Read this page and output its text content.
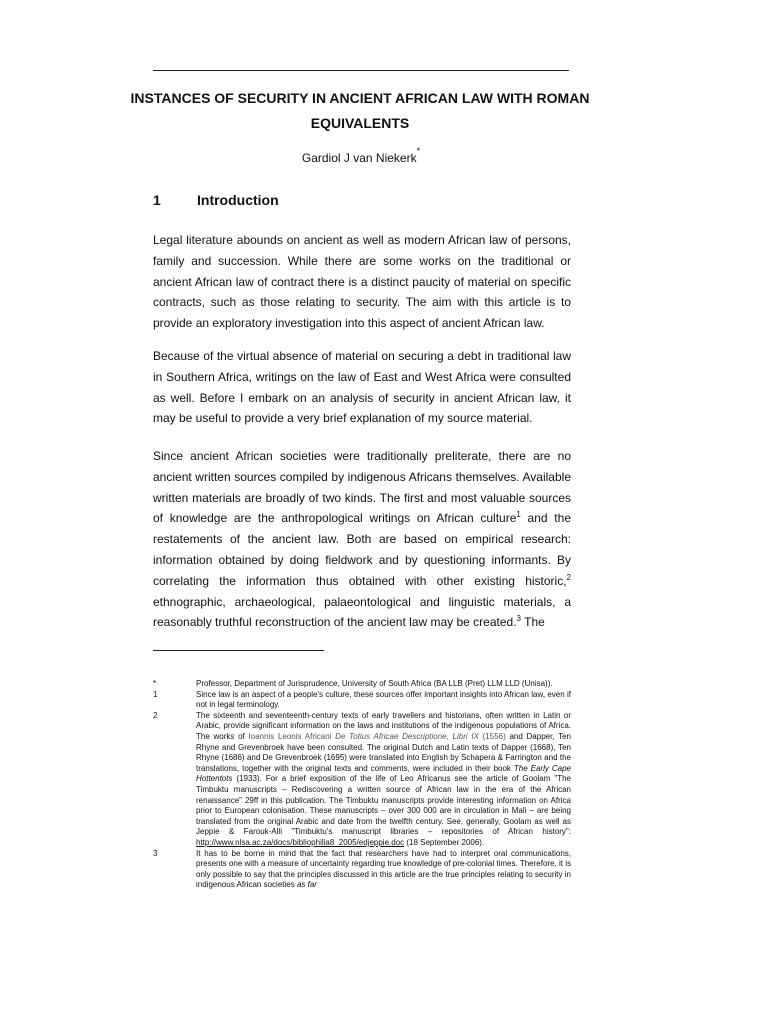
INSTANCES OF SECURITY IN ANCIENT AFRICAN LAW WITH ROMAN EQUIVALENTS
Gardiol J van Niekerk*
1	Introduction

Legal literature abounds on ancient as well as modern African law of persons, family and succession. While there are some works on the traditional or ancient African law of contract there is a distinct paucity of material on specific contracts, such as those relating to security. The aim with this article is to provide an exploratory investigation into this aspect of ancient African law.

Because of the virtual absence of material on securing a debt in traditional law in Southern Africa, writings on the law of East and West Africa were consulted as well. Before I embark on an analysis of security in ancient African law, it may be useful to provide a very brief explanation of my source material.

Since ancient African societies were traditionally preliterate, there are no ancient written sources compiled by indigenous Africans themselves. Available written materials are broadly of two kinds. The first and most valuable sources of knowledge are the anthropological writings on African culture$^1$ and the restatements of the ancient law. Both are based on empirical research: information obtained by doing fieldwork and by questioning informants. By correlating the information thus obtained with other existing historic,$^2$ ethnographic, archaeological, palaeontological and linguistic materials, a reasonably truthful reconstruction of the ancient law may be created.$^3$ The

*	Professor, Department of Jurisprudence, University of South Africa (BA LLB (Pret) LLM LLD (Unisa)).
1	Since law is an aspect of a people's culture, these sources offer important insights into African law, even if not in legal terminology.
2	The sixteenth and seventeenth-century texts of early travellers and historians, often written in Latin or Arabic, provide significant information on the laws and institutions of the indigenous populations of Africa. The works of Ioannis Leonis Africani De Totius Africae Descriptione, Libri IX (1556) and Dapper, Ten Rhyne and Grevenbroek have been consulted. The original Dutch and Latin texts of Dapper (1668), Ten Rhyne (1686) and De Grevenbroek (1695) were translated into English by Schapera & Farrington and the translations, together with the original texts and comments, were included in their book The Early Cape Hottentots (1933). For a brief exposition of the life of Leo Africanus see the article of Goolam "The Timbuktu manuscripts – Rediscovering a written source of African law in the era of the African renaissance" 29ff in this publication. The Timbuktu manuscripts provide interesting information on Africa prior to European colonisation. These manuscripts – over 300 000 are in circulation in Mali – are being translated from the original Arabic and date from the twelfth century. See, generally, Goolam as well as Jeppie & Farouk-Alli "Timbuktu's manuscript libraries – repositories of African history": http://www.nlsa.ac.za/docs/bibliophilia8_2005/edjeppie.doc (18 September 2006).
3	It has to be borne in mind that the fact that researchers have had to interpret oral communications, presents one with a measure of uncertainty regarding true knowledge of pre-colonial times. Therefore, it is only possible to say that the principles discussed in this article are the true principles relating to security in indigenous African societies as far
